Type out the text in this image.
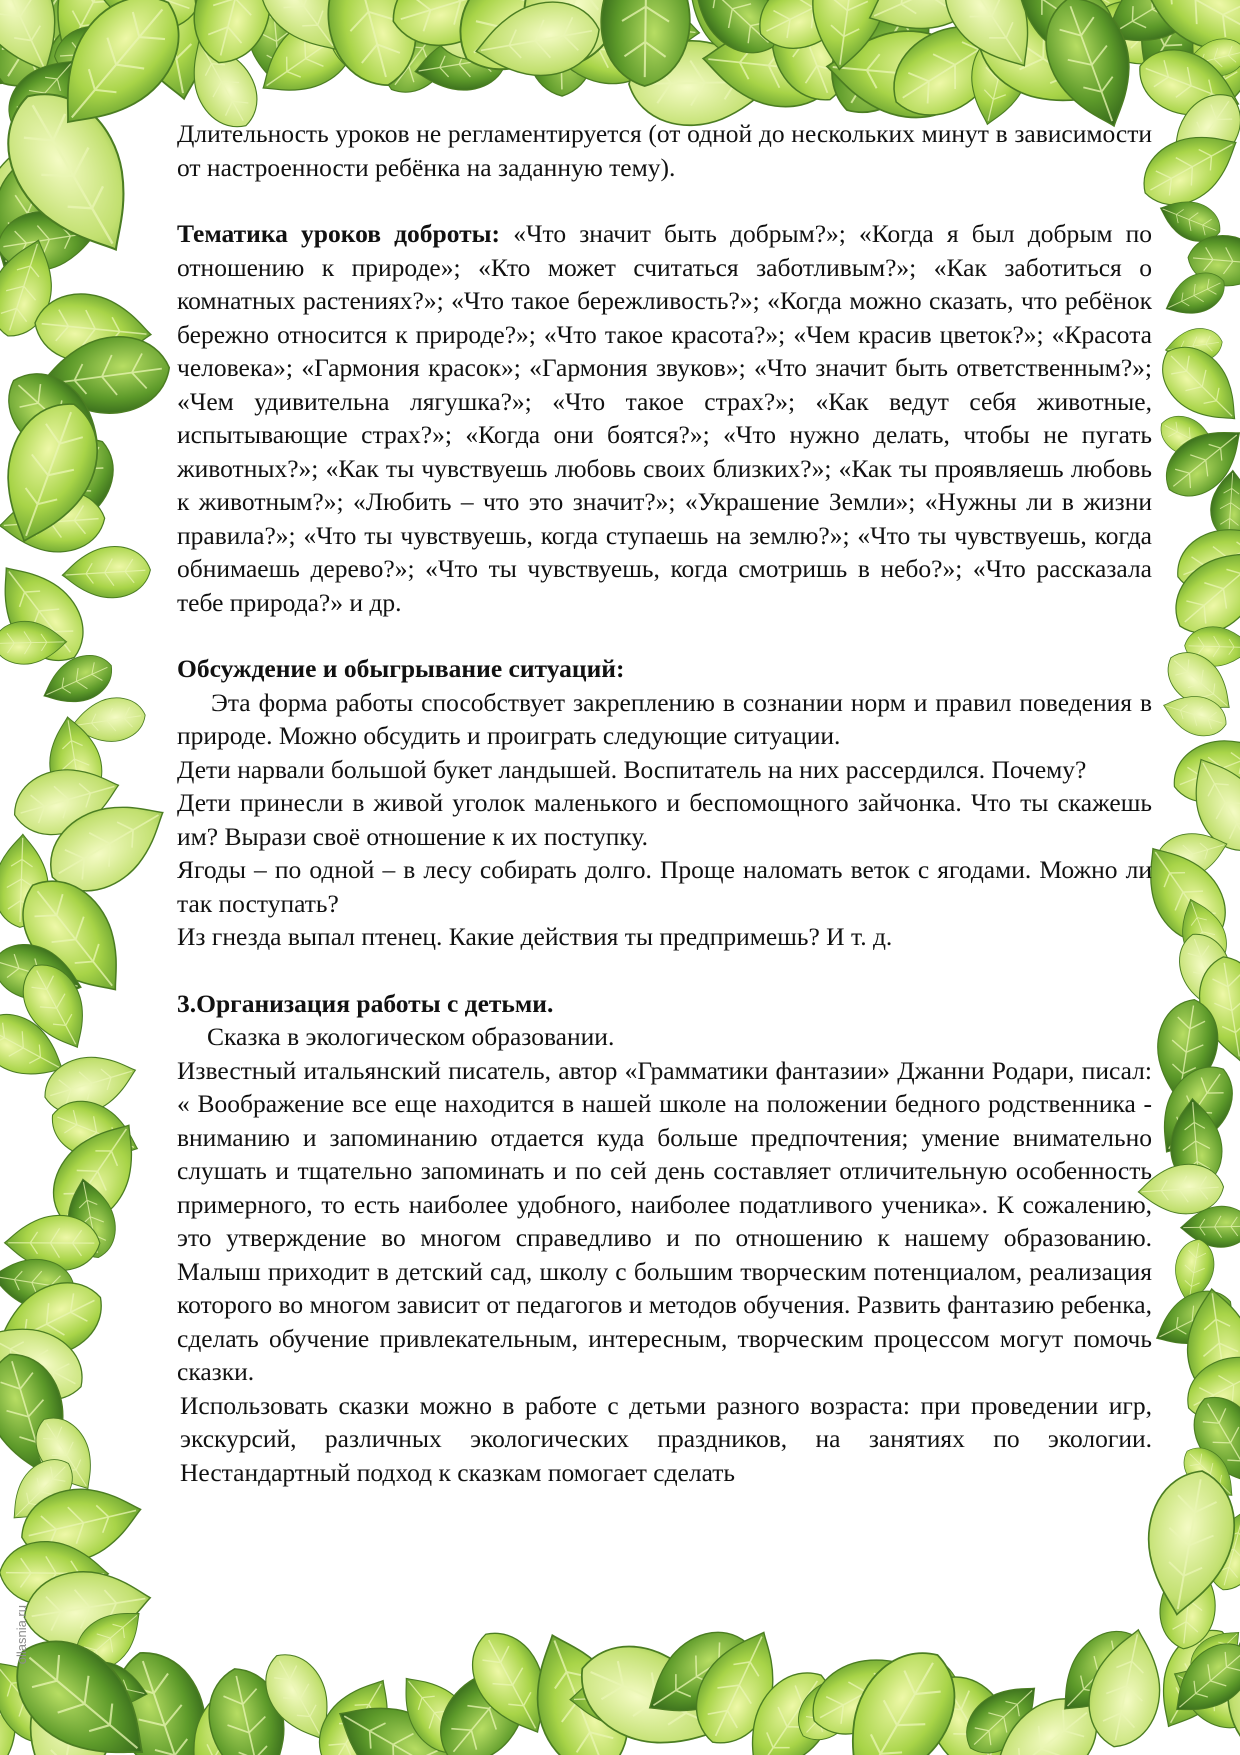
Длительность уроков не регламентируется (от одной до нескольких минут в зависимости от настроенности ребёнка на заданную тему).

Тематика уроков доброты: «Что значит быть добрым?»; «Когда я был добрым по отношению к природе»; «Кто может считаться заботливым?»; «Как заботиться о комнатных растениях?»; «Что такое бережливость?»; «Когда можно сказать, что ребёнок бережно относится к природе?»; «Что такое красота?»; «Чем красив цветок?»; «Красота человека»; «Гармония красок»; «Гармония звуков»; «Что значит быть ответственным?»; «Чем удивительна лягушка?»; «Что такое страх?»; «Как ведут себя животные, испытывающие страх?»; «Когда они боятся?»; «Что нужно делать, чтобы не пугать животных?»; «Как ты чувствуешь любовь своих близких?»; «Как ты проявляешь любовь к животным?»; «Любить – что это значит?»; «Украшение Земли»; «Нужны ли в жизни правила?»; «Что ты чувствуешь, когда ступаешь на землю?»; «Что ты чувствуешь, когда обнимаешь дерево?»; «Что ты чувствуешь, когда смотришь в небо?»; «Что рассказала тебе природа?» и др.

Обсуждение и обыгрывание ситуаций:

Эта форма работы способствует закреплению в сознании норм и правил поведения в природе. Можно обсудить и проиграть следующие ситуации.

Дети нарвали большой букет ландышей. Воспитатель на них рассердился. Почему?

Дети принесли в живой уголок маленького и беспомощного зайчонка. Что ты скажешь им? Вырази своё отношение к их поступку.

Ягоды – по одной – в лесу собирать долго. Проще наломать веток с ягодами. Можно ли так поступать?

Из гнезда выпал птенец. Какие действия ты предпримешь? И т. д.

3.Организация работы с детьми.

Сказка в экологическом образовании.

Известный итальянский писатель, автор «Грамматики фантазии» Джанни Родари, писал: « Воображение все еще находится в нашей школе на положении бедного родственника - вниманию и запоминанию отдается куда больше предпочтения; умение внимательно слушать и тщательно запоминать и по сей день составляет отличительную особенность примерного, то есть наиболее удобного, наиболее податливого ученика». К сожалению, это утверждение во многом справедливо и по отношению к нашему образованию. Малыш приходит в детский сад, школу с большим творческим потенциалом, реализация которого во многом зависит от педагогов и методов обучения. Развить фантазию ребенка, сделать обучение привлекательным, интересным, творческим процессом могут помочь сказки.

Использовать сказки можно в работе с детьми разного возраста: при проведении игр, экскурсий, различных экологических праздников, на занятиях по экологии. Нестандартный подход к сказкам помогает сделать

ollasnia.ru
